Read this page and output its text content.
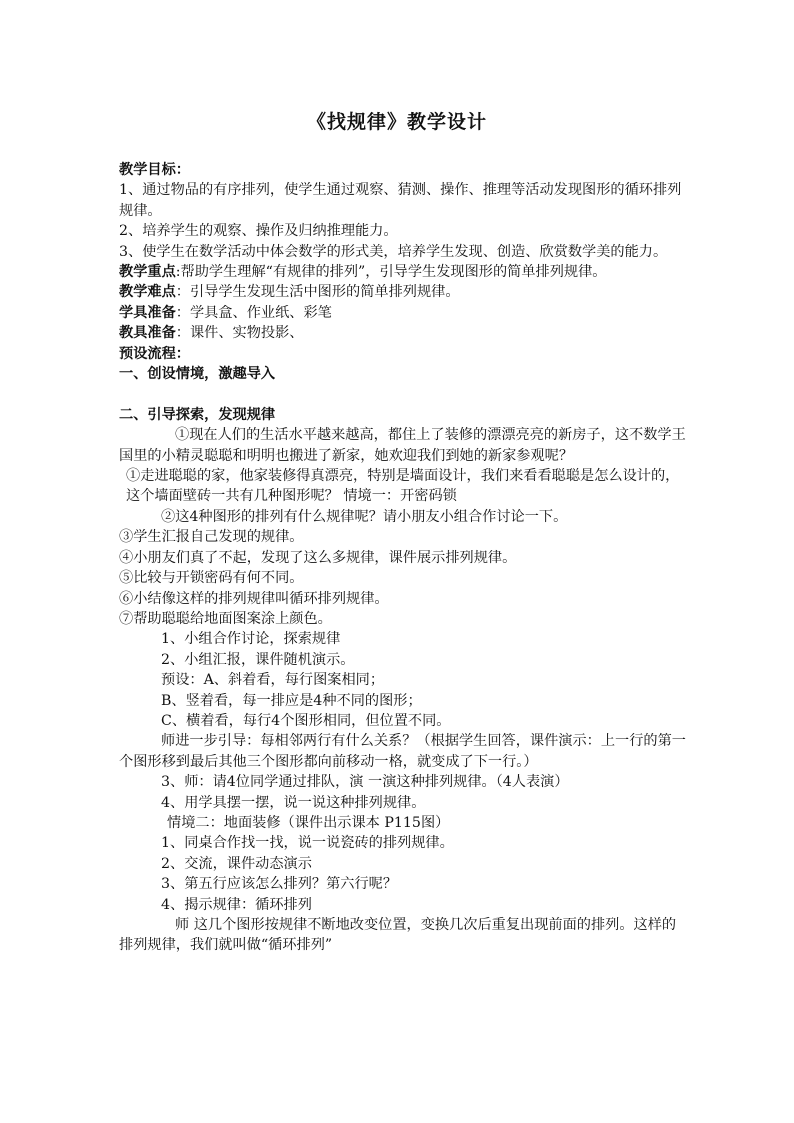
《找规律》教学设计
教学目标：
1、通过物品的有序排列，使学生通过观察、猜测、操作、推理等活动发现图形的循环排列规律。
2、培养学生的观察、操作及归纳推理能力。
3、使学生在数学活动中体会数学的形式美，培养学生发现、创造、欣赏数学美的能力。
教学重点:帮助学生理解“有规律的排列”，引导学生发现图形的简单排列规律。
教学难点：引导学生发现生活中图形的简单排列规律。
学具准备：学具盒、作业纸、彩笔
教具准备：课件、实物投影、
预设流程：
一、创设情境，激趣导入
二、引导探索，发现规律
①现在人们的生活水平越来越高，都住上了装修的漂漂亮亮的新房子，这不数学王国里的小精灵聪聪和明明也搬进了新家，她欢迎我们到她的新家参观呢？
①走进聪聪的家，他家装修得真漂亮，特别是墙面设计，我们来看看聪聪是怎么设计的，这个墙面壁砖一共有几种图形呢？ 情境一：开密码锁
②这4种图形的排列有什么规律呢？请小朋友小组合作讨论一下。
③学生汇报自己发现的规律。
④小朋友们真了不起，发现了这么多规律，课件展示排列规律。
⑤比较与开锁密码有何不同。
⑥小结像这样的排列规律叫循环排列规律。
⑦帮助聪聪给地面图案涂上颜色。
1、小组合作讨论，探索规律
2、小组汇报，课件随机演示。
预设：A、斜着看，每行图案相同；
B、竖着看，每一排应是4种不同的图形；
C、横着看，每行4个图形相同，但位置不同。
师进一步引导：每相邻两行有什么关系？（根据学生回答，课件演示：上一行的第一个图形移到最后其他三个图形都向前移动一格，就变成了下一行。）
3、师：请4位同学通过排队，演 一演这种排列规律。（4人表演）
4、用学具摆一摆，说一说这种排列规律。
情境二：地面装修（课件出示课本 P115图）
1、同桌合作找一找，说一说瓷砖的排列规律。
2、交流，课件动态演示
3、第五行应该怎么排列？第六行呢？
4、揭示规律：循环排列
师 这几个图形按规律不断地改变位置，变换几次后重复出现前面的排列。这样的排列规律，我们就叫做“循环排列”
